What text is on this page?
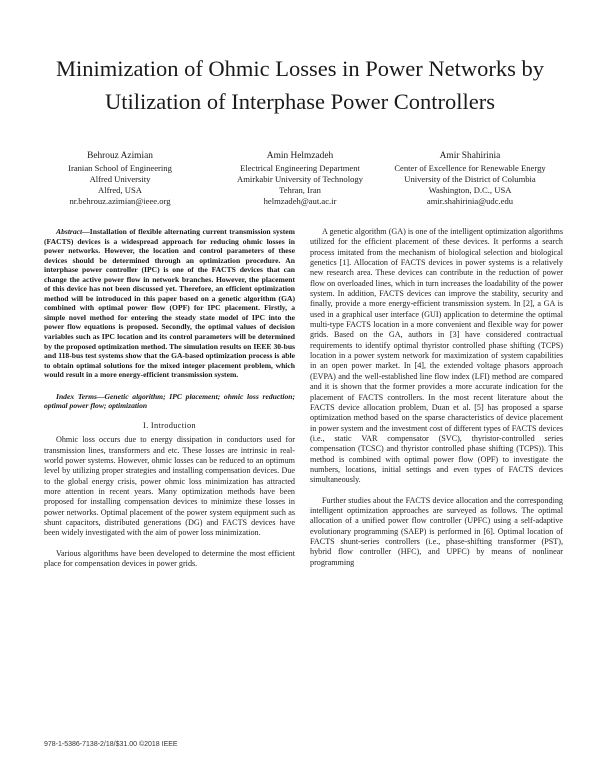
Minimization of Ohmic Losses in Power Networks by
Utilization of Interphase Power Controllers
Behrouz Azimian
Iranian School of Engineering
Alfred University
Alfred, USA
nr.behrouz.azimian@ieee.org
Amin Helmzadeh
Electrical Engineering Department
Amirkabir University of Technology
Tehran, Iran
helmzadeh@aut.ac.ir
Amir Shahirinia
Center of Excellence for Renewable Energy
University of the District of Columbia
Washington, D.C., USA
amir.shahirinia@udc.edu

Abstract—Installation of flexible alternating current transmission system (FACTS) devices is a widespread approach for reducing ohmic losses in power networks. However, the location and control parameters of these devices should be determined through an optimization procedure. An interphase power controller (IPC) is one of the FACTS devices that can change the active power flow in network branches. However, the placement of this device has not been discussed yet. Therefore, an efficient optimization method will be introduced in this paper based on a genetic algorithm (GA) combined with optimal power flow (OPF) for IPC placement. Firstly, a simple novel method for entering the steady state model of IPC into the power flow equations is proposed. Secondly, the optimal values of decision variables such as IPC location and its control parameters will be determined by the proposed optimization method. The simulation results on IEEE 30-bus and 118-bus test systems show that the GA-based optimization process is able to obtain optimal solutions for the mixed integer placement problem, which would result in a more energy-efficient transmission system.

Index Terms—Genetic algorithm; IPC placement; ohmic loss reduction; optimal power flow; optimization

I. Introduction

Ohmic loss occurs due to energy dissipation in conductors used for transmission lines, transformers and etc. These losses are intrinsic in real-world power systems. However, ohmic losses can be reduced to an optimum level by utilizing proper strategies and installing compensation devices. Due to the global energy crisis, power ohmic loss minimization has attracted more attention in recent years. Many optimization methods have been proposed for installing compensation devices to minimize these losses in power networks. Optimal placement of the power system equipment such as shunt capacitors, distributed generations (DG) and FACTS devices have been widely investigated with the aim of power loss minimization.

Various algorithms have been developed to determine the most efficient place for compensation devices in power grids.

A genetic algorithm (GA) is one of the intelligent optimization algorithms utilized for the efficient placement of these devices. It performs a search process imitated from the mechanism of biological selection and biological genetics [1]. Allocation of FACTS devices in power systems is a relatively new research area. These devices can contribute in the reduction of power flow on overloaded lines, which in turn increases the loadability of the power system. In addition, FACTS devices can improve the stability, security and finally, provide a more energy-efficient transmission system. In [2], a GA is used in a graphical user interface (GUI) application to determine the optimal multi-type FACTS location in a more convenient and flexible way for power grids. Based on the GA, authors in [3] have considered contractual requirements to identify optimal thyristor controlled phase shifting (TCPS) location in a power system network for maximization of system capabilities in an open power market. In [4], the extended voltage phasors approach (EVPA) and the well-established line flow index (LFI) method are compared and it is shown that the former provides a more accurate indication for the placement of FACTS controllers. In the most recent literature about the FACTS device allocation problem, Duan et al. [5] has proposed a sparse optimization method based on the sparse characteristics of device placement in power system and the investment cost of different types of FACTS devices (i.e., static VAR compensator (SVC), thyristor-controlled series compensation (TCSC) and thyristor controlled phase shifting (TCPS)). This method is combined with optimal power flow (OPF) to investigate the numbers, locations, initial settings and even types of FACTS devices simultaneously.

Further studies about the FACTS device allocation and the corresponding intelligent optimization approaches are surveyed as follows. The optimal allocation of a unified power flow controller (UPFC) using a self-adaptive evolutionary programming (SAEP) is performed in [6]. Optimal location of FACTS shunt-series controllers (i.e., phase-shifting transformer (PST), hybrid flow controller (HFC), and UPFC) by means of nonlinear programming

978-1-5386-7138-2/18/$31.00 ©2018 IEEE
